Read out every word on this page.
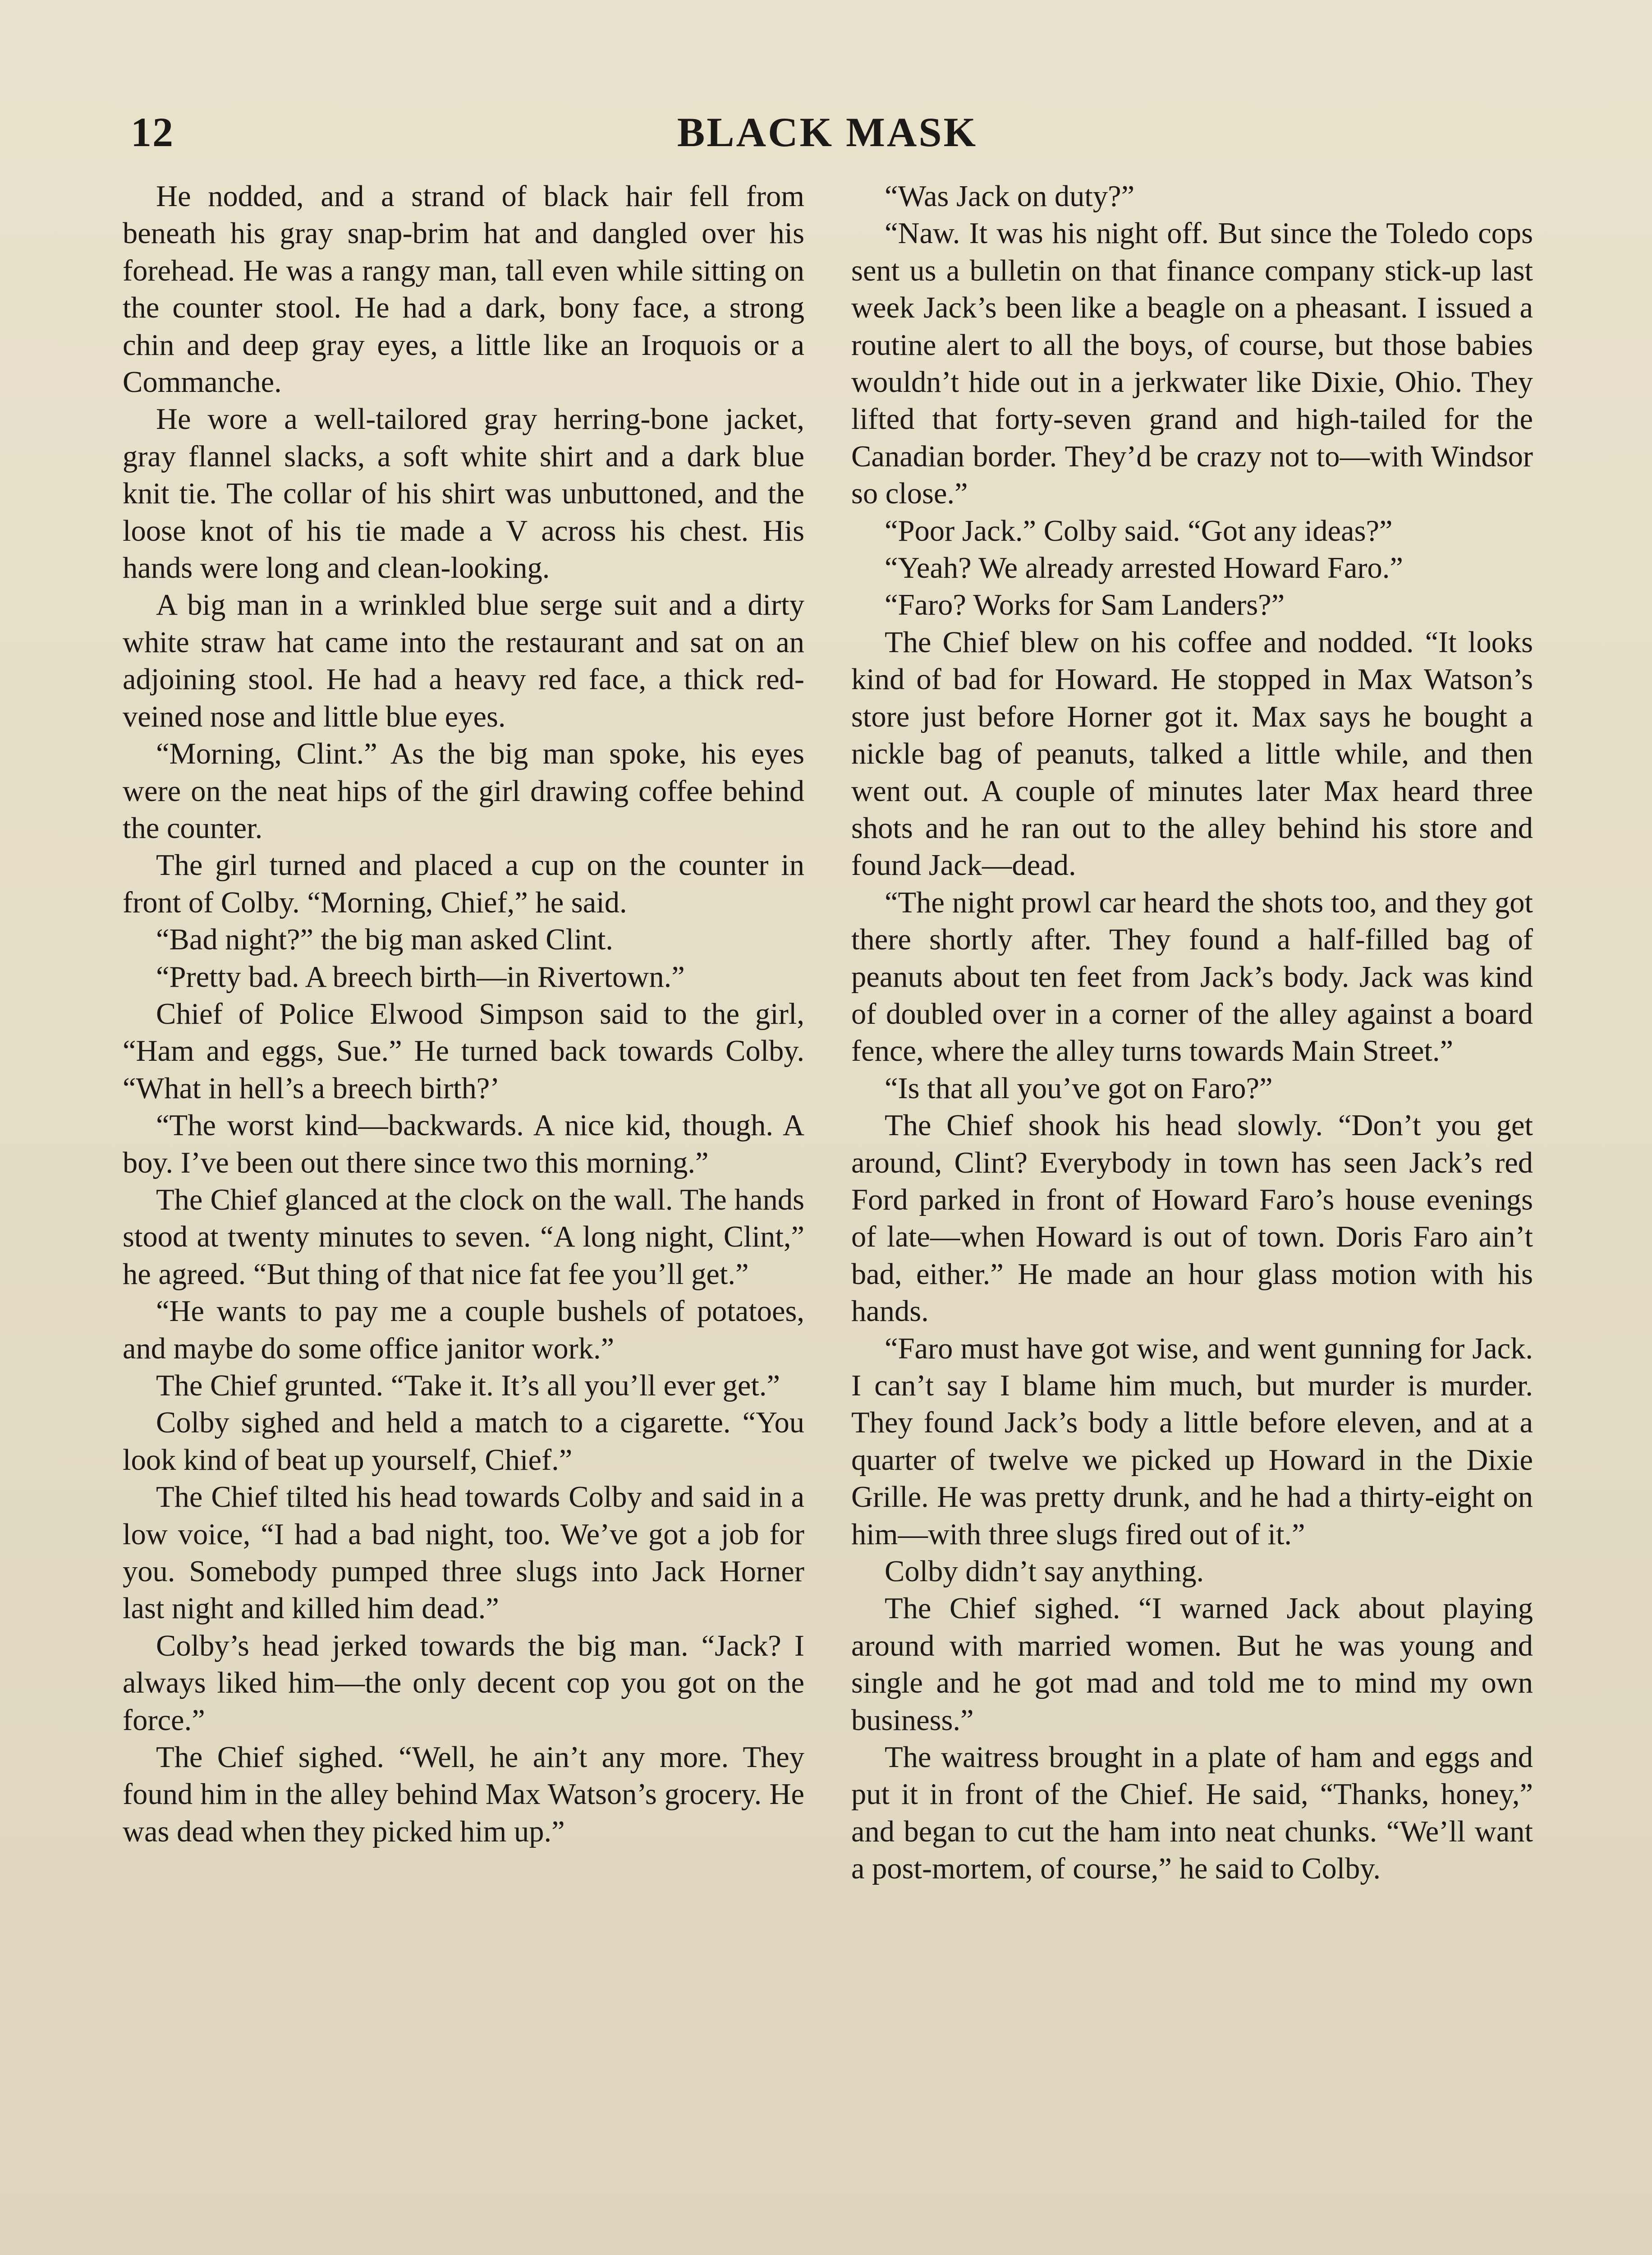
12	BLACK MASK

He nodded, and a strand of black hair fell from beneath his gray snap-brim hat and dangled over his forehead. He was a rangy man, tall even while sitting on the counter stool. He had a dark, bony face, a strong chin and deep gray eyes, a little like an Iroquois or a Commanche.

He wore a well-tailored gray herring-bone jacket, gray flannel slacks, a soft white shirt and a dark blue knit tie. The collar of his shirt was unbuttoned, and the loose knot of his tie made a V across his chest. His hands were long and clean-looking.

A big man in a wrinkled blue serge suit and a dirty white straw hat came into the restaurant and sat on an adjoining stool. He had a heavy red face, a thick red-veined nose and little blue eyes.

“Morning, Clint.” As the big man spoke, his eyes were on the neat hips of the girl drawing coffee behind the counter.

The girl turned and placed a cup on the counter in front of Colby. “Morning, Chief,” he said.

“Bad night?” the big man asked Clint.

“Pretty bad. A breech birth—in Rivertown.”

Chief of Police Elwood Simpson said to the girl, “Ham and eggs, Sue.” He turned back towards Colby. “What in hell’s a breech birth?’

“The worst kind—backwards. A nice kid, though. A boy. I’ve been out there since two this morning.”

The Chief glanced at the clock on the wall. The hands stood at twenty minutes to seven. “A long night, Clint,” he agreed. “But thing of that nice fat fee you’ll get.”

“He wants to pay me a couple bushels of potatoes, and maybe do some office janitor work.”

The Chief grunted. “Take it. It’s all you’ll ever get.”

Colby sighed and held a match to a cigarette. “You look kind of beat up yourself, Chief.”

The Chief tilted his head towards Colby and said in a low voice, “I had a bad night, too. We’ve got a job for you. Somebody pumped three slugs into Jack Horner last night and killed him dead.”

Colby’s head jerked towards the big man. “Jack? I always liked him—the only decent cop you got on the force.”

The Chief sighed. “Well, he ain’t any more. They found him in the alley behind Max Watson’s grocery. He was dead when they picked him up.”

“Was Jack on duty?”

“Naw. It was his night off. But since the Toledo cops sent us a bulletin on that finance company stick-up last week Jack’s been like a beagle on a pheasant. I issued a routine alert to all the boys, of course, but those babies wouldn’t hide out in a jerkwater like Dixie, Ohio. They lifted that forty-seven grand and high-tailed for the Canadian border. They’d be crazy not to—with Windsor so close.”

“Poor Jack.” Colby said. “Got any ideas?”

“Yeah? We already arrested Howard Faro.”

“Faro? Works for Sam Landers?”

The Chief blew on his coffee and nodded. “It looks kind of bad for Howard. He stopped in Max Watson’s store just before Horner got it. Max says he bought a nickle bag of peanuts, talked a little while, and then went out. A couple of minutes later Max heard three shots and he ran out to the alley behind his store and found Jack—dead.

“The night prowl car heard the shots too, and they got there shortly after. They found a half-filled bag of peanuts about ten feet from Jack’s body. Jack was kind of doubled over in a corner of the alley against a board fence, where the alley turns towards Main Street.”

“Is that all you’ve got on Faro?”

The Chief shook his head slowly. “Don’t you get around, Clint? Everybody in town has seen Jack’s red Ford parked in front of Howard Faro’s house evenings of late—when Howard is out of town. Doris Faro ain’t bad, either.” He made an hour glass motion with his hands.

“Faro must have got wise, and went gunning for Jack. I can’t say I blame him much, but murder is murder. They found Jack’s body a little before eleven, and at a quarter of twelve we picked up Howard in the Dixie Grille. He was pretty drunk, and he had a thirty-eight on him—with three slugs fired out of it.”

Colby didn’t say anything.

The Chief sighed. “I warned Jack about playing around with married women. But he was young and single and he got mad and told me to mind my own business.”

The waitress brought in a plate of ham and eggs and put it in front of the Chief. He said, “Thanks, honey,” and began to cut the ham into neat chunks. “We’ll want a post-mortem, of course,” he said to Colby.
